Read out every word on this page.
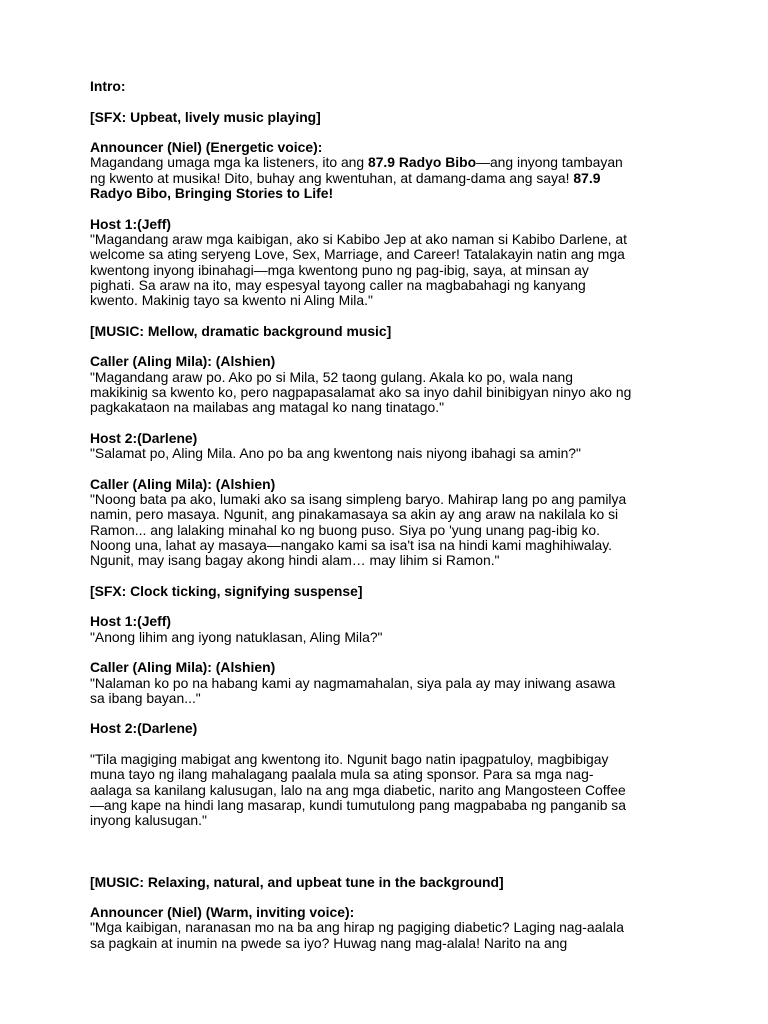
Intro:

[SFX: Upbeat, lively music playing]

Announcer (Niel) (Energetic voice):

Magandang umaga mga ka listeners, ito ang 87.9 Radyo Bibo—ang inyong tambayan

ng kwento at musika! Dito, buhay ang kwentuhan, at damang-dama ang saya! 87.9

Radyo Bibo, Bringing Stories to Life!

Host 1:(Jeff)

"Magandang araw mga kaibigan, ako si Kabibo Jep at ako naman si Kabibo Darlene, at

welcome sa ating seryeng Love, Sex, Marriage, and Career! Tatalakayin natin ang mga

kwentong inyong ibinahagi—mga kwentong puno ng pag-ibig, saya, at minsan ay

pighati. Sa araw na ito, may espesyal tayong caller na magbabahagi ng kanyang

kwento. Makinig tayo sa kwento ni Aling Mila."

[MUSIC: Mellow, dramatic background music]

Caller (Aling Mila): (Alshien)

"Magandang araw po. Ako po si Mila, 52 taong gulang. Akala ko po, wala nang

makikinig sa kwento ko, pero nagpapasalamat ako sa inyo dahil binibigyan ninyo ako ng

pagkakataon na mailabas ang matagal ko nang tinatago."

Host 2:(Darlene)

"Salamat po, Aling Mila. Ano po ba ang kwentong nais niyong ibahagi sa amin?"

Caller (Aling Mila): (Alshien)

"Noong bata pa ako, lumaki ako sa isang simpleng baryo. Mahirap lang po ang pamilya

namin, pero masaya. Ngunit, ang pinakamasaya sa akin ay ang araw na nakilala ko si

Ramon... ang lalaking minahal ko ng buong puso. Siya po 'yung unang pag-ibig ko.

Noong una, lahat ay masaya—nangako kami sa isa't isa na hindi kami maghihiwalay.

Ngunit, may isang bagay akong hindi alam… may lihim si Ramon."

[SFX: Clock ticking, signifying suspense]

Host 1:(Jeff)

"Anong lihim ang iyong natuklasan, Aling Mila?"

Caller (Aling Mila): (Alshien)

"Nalaman ko po na habang kami ay nagmamahalan, siya pala ay may iniwang asawa

sa ibang bayan..."

Host 2:(Darlene)

"Tila magiging mabigat ang kwentong ito. Ngunit bago natin ipagpatuloy, magbibigay

muna tayo ng ilang mahalagang paalala mula sa ating sponsor. Para sa mga nag-

aalaga sa kanilang kalusugan, lalo na ang mga diabetic, narito ang Mangosteen Coffee

—ang kape na hindi lang masarap, kundi tumutulong pang magpababa ng panganib sa

inyong kalusugan."

[MUSIC: Relaxing, natural, and upbeat tune in the background]

Announcer (Niel) (Warm, inviting voice):

"Mga kaibigan, naranasan mo na ba ang hirap ng pagiging diabetic? Laging nag-aalala

sa pagkain at inumin na pwede sa iyo? Huwag nang mag-alala! Narito na ang
